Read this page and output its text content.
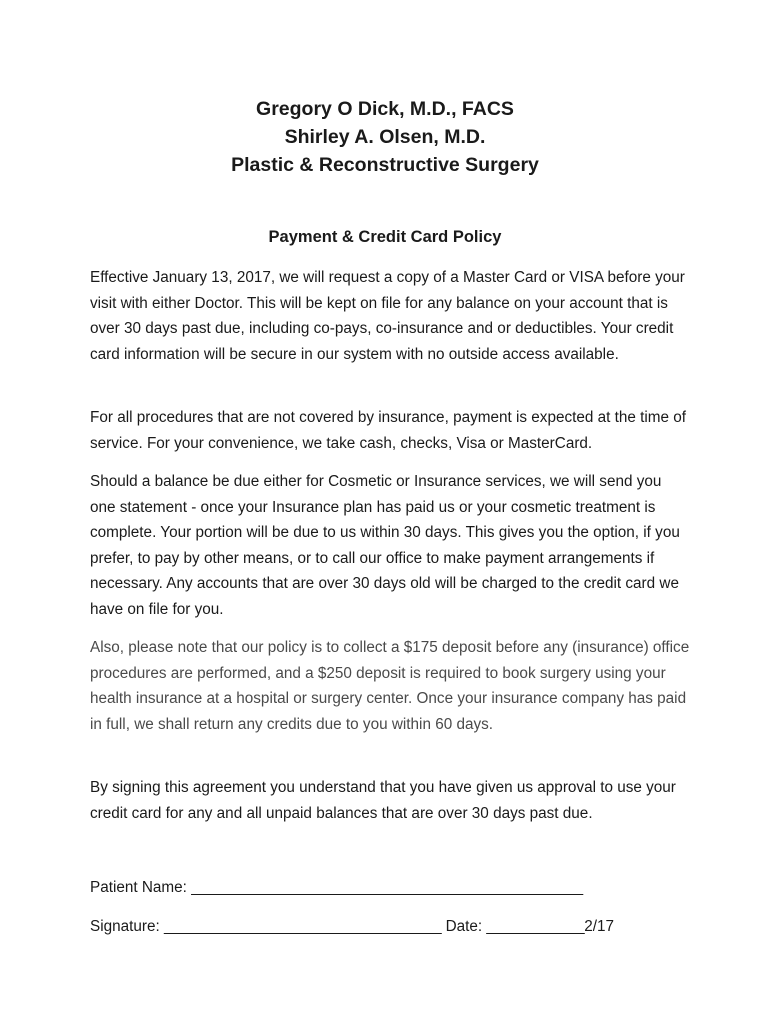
Gregory O Dick, M.D., FACS
Shirley A. Olsen, M.D.
Plastic & Reconstructive Surgery
Payment & Credit Card Policy

Effective January 13, 2017, we will request a copy of a Master Card or VISA before your visit with either Doctor. This will be kept on file for any balance on your account that is over 30 days past due, including co-pays, co-insurance and or deductibles. Your credit card information will be secure in our system with no outside access available.

For all procedures that are not covered by insurance, payment is expected at the time of service. For your convenience, we take cash, checks, Visa or MasterCard.

Should a balance be due either for Cosmetic or Insurance services, we will send you one statement - once your Insurance plan has paid us or your cosmetic treatment is complete. Your portion will be due to us within 30 days. This gives you the option, if you prefer, to pay by other means, or to call our office to make payment arrangements if necessary. Any accounts that are over 30 days old will be charged to the credit card we have on file for you.

Also, please note that our policy is to collect a $175 deposit before any (insurance) office procedures are performed, and a $250 deposit is required to book surgery using your health insurance at a hospital or surgery center. Once your insurance company has paid in full, we shall return any credits due to you within 60 days.

By signing this agreement you understand that you have given us approval to use your credit card for any and all unpaid balances that are over 30 days past due.

Patient Name: ________________________________________________
Signature: __________________________________ Date: ____________2/17
